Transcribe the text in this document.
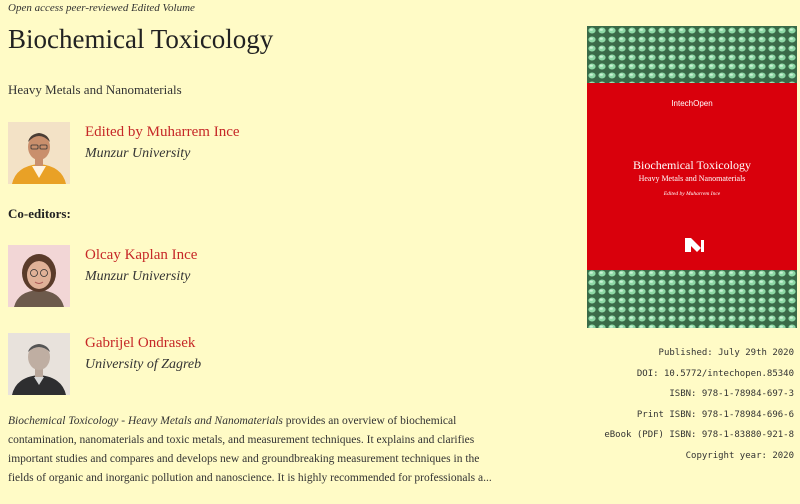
Open access peer-reviewed Edited Volume
Biochemical Toxicology
Heavy Metals and Nanomaterials
Edited by Muharrem Ince
Munzur University
Co-editors:
Olcay Kaplan Ince
Munzur University
Gabrijel Ondrasek
University of Zagreb
Biochemical Toxicology - Heavy Metals and Nanomaterials provides an overview of biochemical contamination, nanomaterials and toxic metals, and measurement techniques. It explains and clarifies important studies and compares and develops new and groundbreaking measurement techniques in the fields of organic and inorganic pollution and nanoscience. It is highly recommended for professionals a...
IntechOpen
Biochemical Toxicology
Heavy Metals and Nanomaterials
Edited by Muharrem Ince
Published: July 29th 2020
DOI: 10.5772/intechopen.85340
ISBN: 978-1-78984-697-3
Print ISBN: 978-1-78984-696-6
eBook (PDF) ISBN: 978-1-83880-921-8
Copyright year: 2020
